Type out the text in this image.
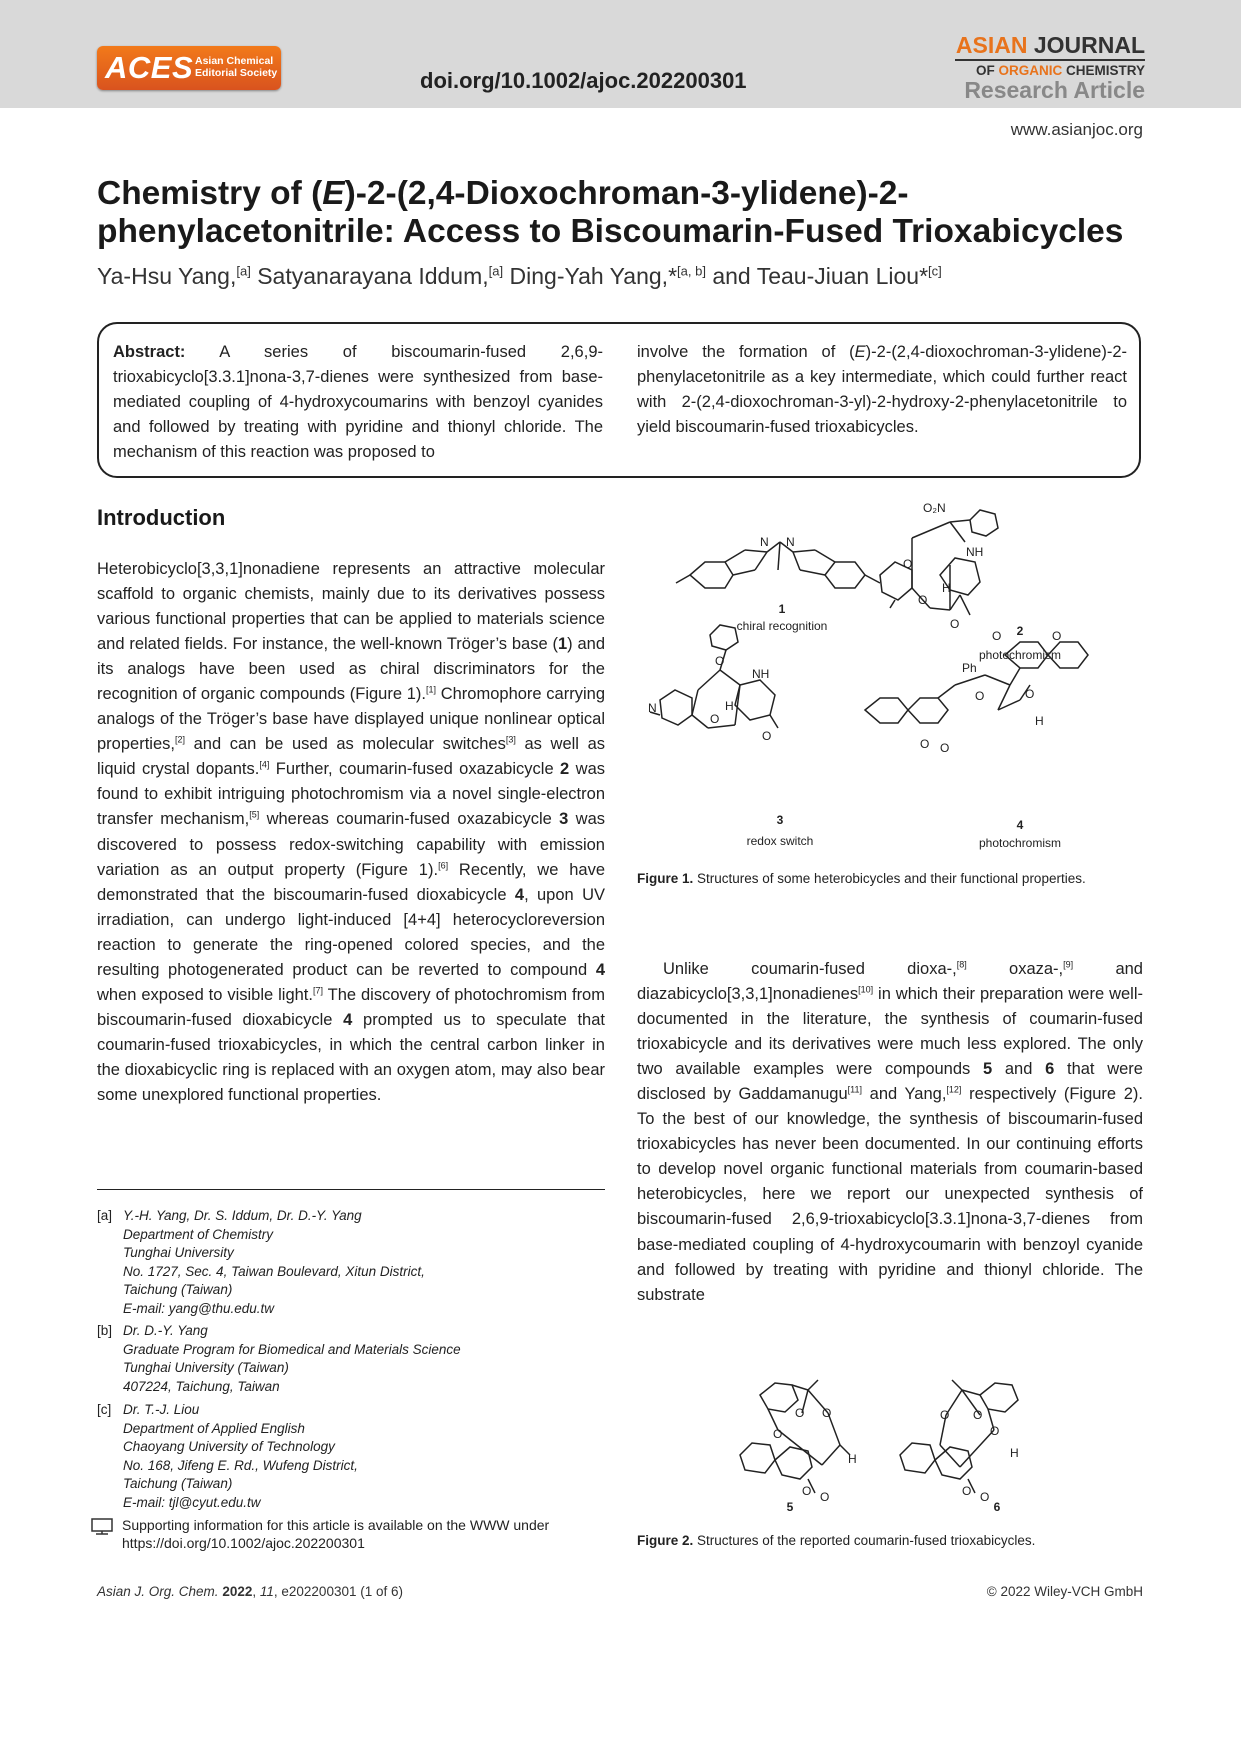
ACES Asian Chemical
Editorial Society	doi.org/10.1002/ajoc.202200301
ASIAN JOURNAL
OF ORGANIC CHEMISTRY
Research Article
www.asianjoc.org
Chemistry of (E)-2-(2,4-Dioxochroman-3-ylidene)-2-
phenylacetonitrile: Access to Biscoumarin-Fused Trioxabicycles
Ya-Hsu Yang,[a] Satyanarayana Iddum,[a] Ding-Yah Yang,*[a, b] and Teau-Jiuan Liou*[c]
Abstract: A series of biscoumarin-fused 2,6,9-trioxabicyclo[3.3.1]nona-3,7-dienes were synthesized from base-mediated coupling of 4-hydroxycoumarins with benzoyl cyanides and followed by treating with pyridine and thionyl chloride. The mechanism of this reaction was proposed to
involve the formation of (E)-2-(2,4-dioxochroman-3-ylidene)-2-phenylacetonitrile as a key intermediate, which could further react with 2-(2,4-dioxochroman-3-yl)-2-hydroxy-2-phenylacetonitrile to yield biscoumarin-fused trioxabicycles.
Introduction
Heterobicyclo[3,3,1]nonadiene represents an attractive molecular scaffold to organic chemists, mainly due to its derivatives possess various functional properties that can be applied to materials science and related fields. For instance, the well-known Tröger’s base (1) and its analogs have been used as chiral discriminators for the recognition of organic compounds (Figure 1).[1] Chromophore carrying analogs of the Tröger’s base have displayed unique nonlinear optical properties,[2] and can be used as molecular switches[3] as well as liquid crystal dopants.[4] Further, coumarin-fused oxazabicycle 2 was found to exhibit intriguing photochromism via a novel single-electron transfer mechanism,[5] whereas coumarin-fused oxazabicycle 3 was discovered to possess redox-switching capability with emission variation as an output property (Figure 1).[6] Recently, we have demonstrated that the biscoumarin-fused dioxabicycle 4, upon UV irradiation, can undergo light-induced [4+4] heterocycloreversion reaction to generate the ring-opened colored species, and the resulting photogenerated product can be reverted to compound 4 when exposed to visible light.[7] The discovery of photochromism from biscoumarin-fused dioxabicycle 4 prompted us to speculate that coumarin-fused trioxabicycles, in which the central carbon linker in the dioxabicyclic ring is replaced with an oxygen atom, may also bear some unexplored functional properties.
N N
O₂N
NH
O
O
H
O
O
NH
O
H
N
O
O	O
Ph
O	O
H
O O
1
chiral recognition	2
photochromism
3
redox switch
4
photochromism
Figure 1. Structures of some heterobicycles and their functional properties.
Unlike coumarin-fused dioxa-,[8] oxaza-,[9] and diazabicyclo[3,3,1]nonadienes[10] in which their preparation were well-documented in the literature, the synthesis of coumarin-fused trioxabicycle and its derivatives were much less explored. The only two available examples were compounds 5 and 6 that were disclosed by Gaddamanugu[11] and Yang,[12] respectively (Figure 2). To the best of our knowledge, the synthesis of biscoumarin-fused trioxabicycles has never been documented. In our continuing efforts to develop novel organic functional materials from coumarin-based heterobicycles, here we report our unexpected synthesis of biscoumarin-fused 2,6,9-trioxabicyclo[3.3.1]nona-3,7-dienes from base-mediated coupling of 4-hydroxycoumarin with benzoyl cyanide and followed by treating with pyridine and thionyl chloride. The substrate
O O
O
H
O O
O O
O
H
O O
5	6
Figure 2. Structures of the reported coumarin-fused trioxabicycles.
[a] Y.-H. Yang, Dr. S. Iddum, Dr. D.-Y. Yang
Department of Chemistry
Tunghai University
No. 1727, Sec. 4, Taiwan Boulevard, Xitun District,
Taichung (Taiwan)
E-mail: yang@thu.edu.tw
[b] Dr. D.-Y. Yang
Graduate Program for Biomedical and Materials Science
Tunghai University (Taiwan)
407224, Taichung, Taiwan
[c] Dr. T.-J. Liou
Department of Applied English
Chaoyang University of Technology
No. 168, Jifeng E. Rd., Wufeng District,
Taichung (Taiwan)
E-mail: tjl@cyut.edu.tw
Supporting information for this article is available on the WWW under https://doi.org/10.1002/ajoc.202200301
Asian J. Org. Chem. 2022, 11, e202200301 (1 of 6)	© 2022 Wiley-VCH GmbH
